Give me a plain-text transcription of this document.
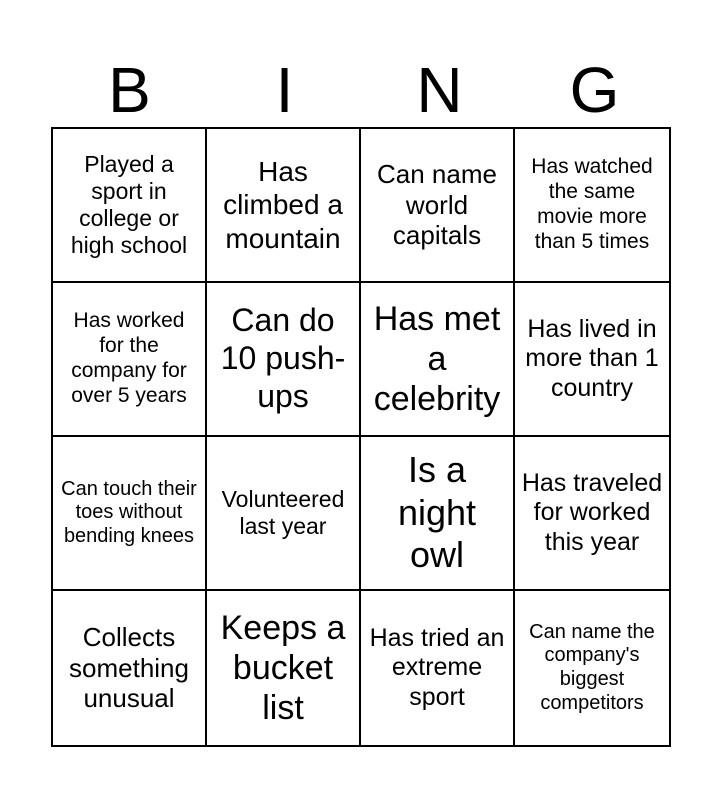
B	I	N	G
Played a sport in college or high school
Has climbed a mountain
Can name world capitals
Has watched the same movie more than 5 times
Has worked for the company for over 5 years
Can do 10 push-ups
Has met a celebrity
Has lived in more than 1 country
Can touch their toes without bending knees
Volunteered last year
Is a night owl
Has traveled for worked this year
Collects something unusual
Keeps a bucket list
Has tried an extreme sport
Can name the company's biggest competitors
